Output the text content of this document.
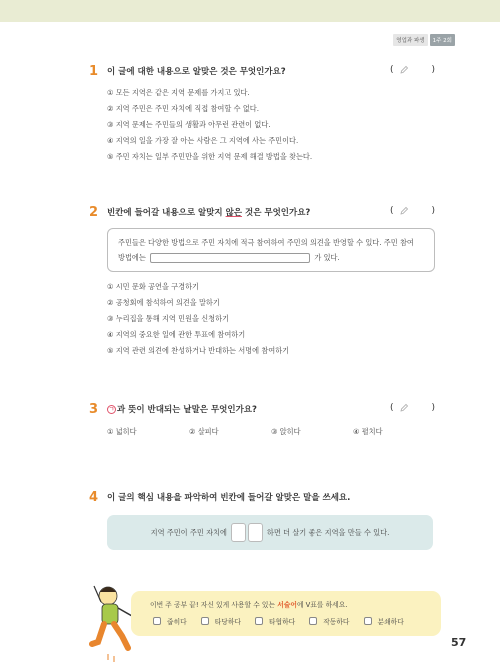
영업과 파생	1주 2회
1	이 글에 대한 내용으로 알맞은 것은 무엇인가요?	(	)
① 모든 지역은 같은 지역 문제를 가지고 있다.
② 지역 주민은 주민 자치에 직접 참여할 수 없다.
③ 지역 문제는 주민들의 생활과 아무런 관련이 없다.
④ 지역의 일을 가장 잘 아는 사람은 그 지역에 사는 주민이다.
⑤ 주민 자치는 일부 주민만을 위한 지역 문제 해결 방법을 찾는다.
2	빈칸에 들어갈 내용으로 알맞지 않은 것은 무엇인가요?	(	)
주민들은 다양한 방법으로 주민 자치에 적극 참여하여 주민의 의견을 반영할 수 있다. 주민 참여
방법에는	가 있다.
① 시민 문화 공연을 구경하기
② 공청회에 참석하여 의견을 말하기
③ 누리집을 통해 지역 민원을 신청하기
④ 지역의 중요한 일에 관한 투표에 참여하기
⑤ 지역 관련 의견에 찬성하거나 반대하는 서명에 참여하기
3	ㄱ 과 뜻이 반대되는 낱말은 무엇인가요?	(	)
① 넓히다	② 살피다	③ 앉히다	④ 펼치다
4	이 글의 핵심 내용을 파악하여 빈칸에 들어갈 알맞은 말을 쓰세요.
지역 주민이 주민 자치에	하면 더 살기 좋은 지역을 만들 수 있다.
이번 주 공부 끝! 자신 있게 사용할 수 있는 서술어에 V표를 하세요.
줍히다	타당하다	타협하다	작동하다	분쇄하다
57
